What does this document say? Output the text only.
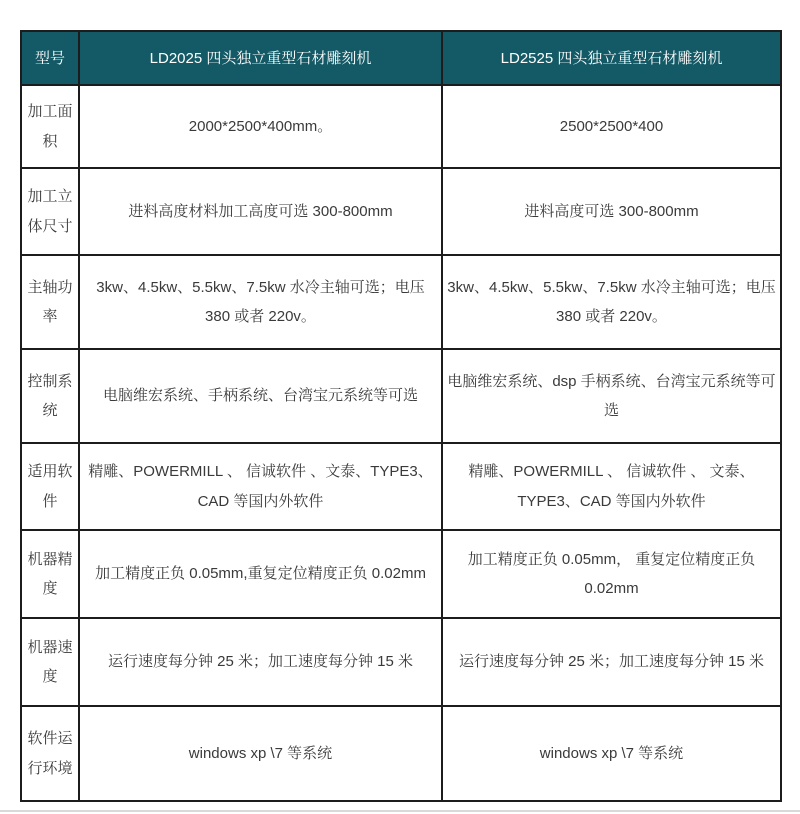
型号	LD2025 四头独立重型石材雕刻机	LD2525 四头独立重型石材雕刻机
加工面积	2000*2500*400mm。	2500*2500*400
加工立体尺寸	进料高度材料加工高度可选 300-800mm	进料高度可选 300-800mm
主轴功率	3kw、4.5kw、5.5kw、7.5kw 水冷主轴可选；电压 380 或者 220v。	3kw、4.5kw、5.5kw、7.5kw 水冷主轴可选；电压 380 或者 220v。
控制系统	电脑维宏系统、手柄系统、台湾宝元系统等可选	电脑维宏系统、dsp 手柄系统、台湾宝元系统等可选
适用软件	精雕、POWERMILL 、 信诚软件 、文泰、TYPE3、CAD 等国内外软件	精雕、POWERMILL 、 信诚软件 、 文泰、TYPE3、CAD 等国内外软件
机器精度	加工精度正负 0.05mm,重复定位精度正负 0.02mm	加工精度正负 0.05mm， 重复定位精度正负 0.02mm
机器速度	运行速度每分钟 25 米；加工速度每分钟 15 米	运行速度每分钟 25 米；加工速度每分钟 15 米
软件运行环境	windows xp \7 等系统	windows xp \7 等系统
